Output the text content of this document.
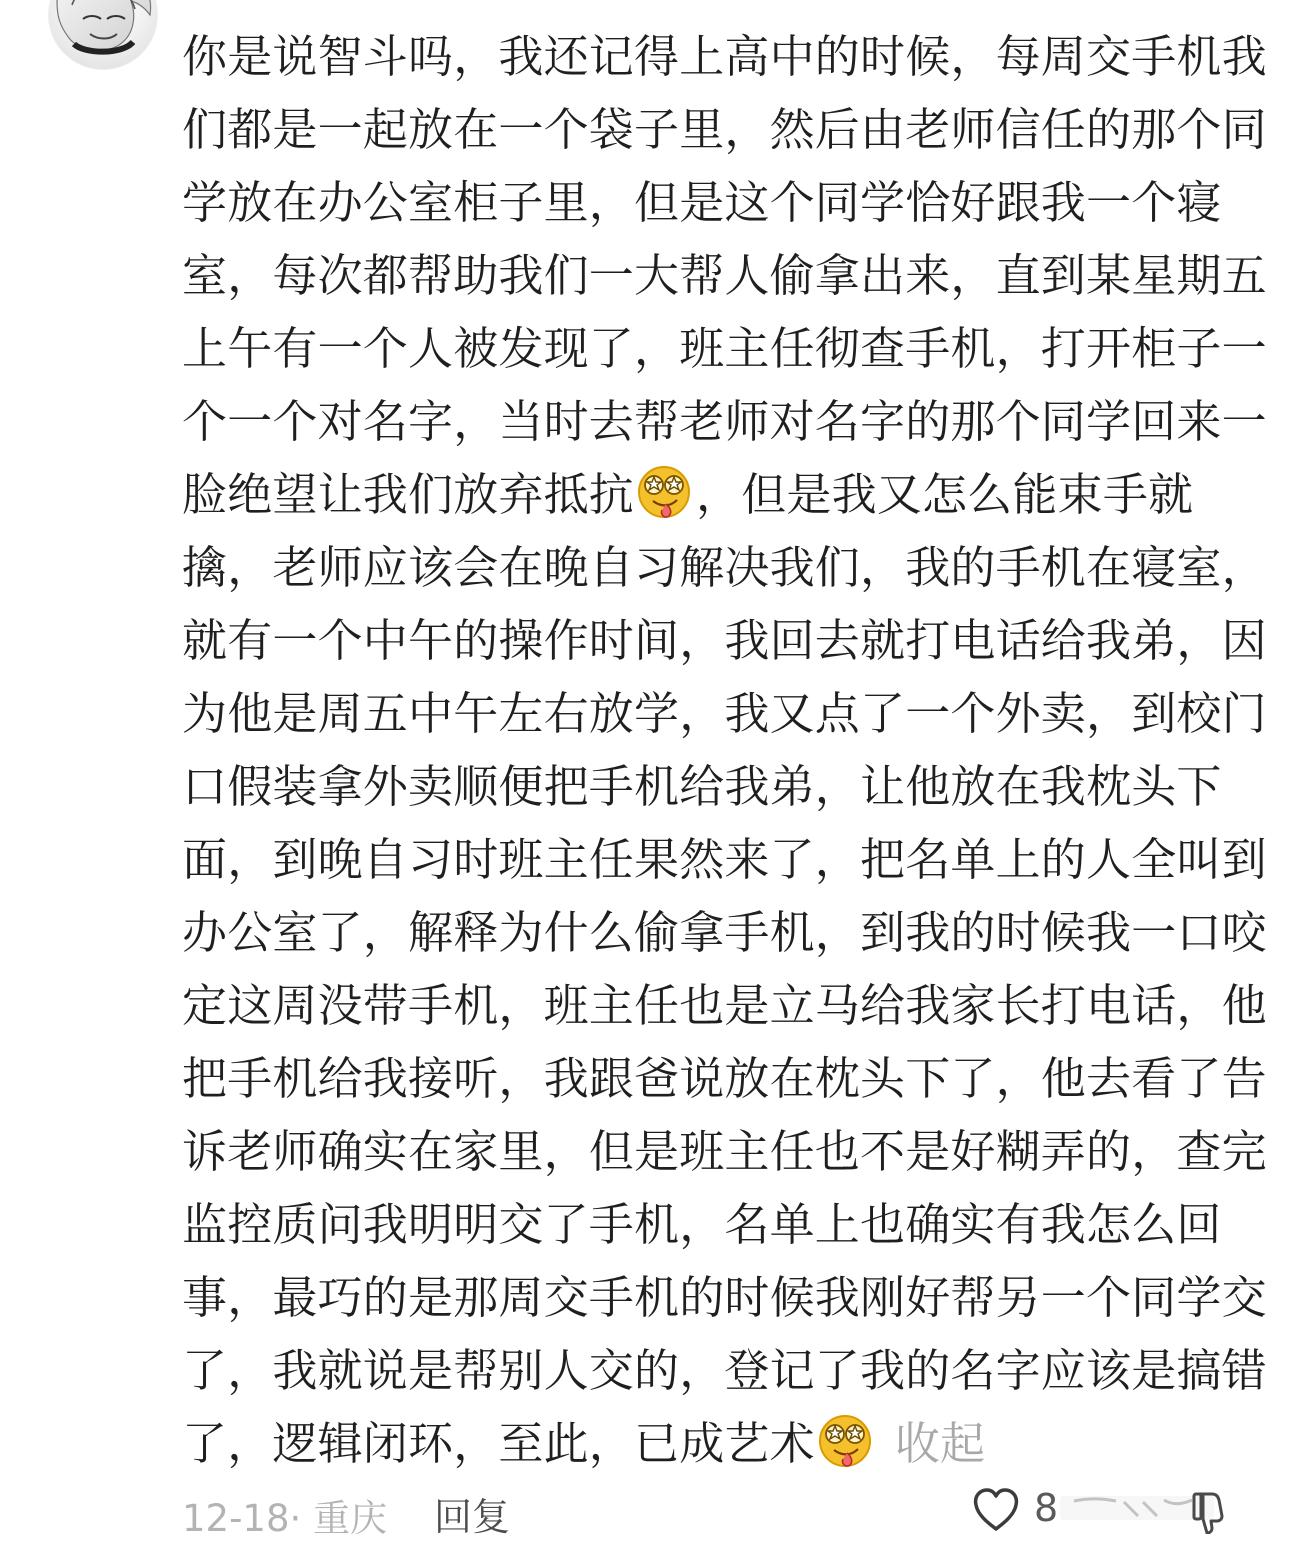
你是说智斗吗，我还记得上高中的时候，每周交手机我
们都是一起放在一个袋子里，然后由老师信任的那个同
学放在办公室柜子里，但是这个同学恰好跟我一个寝
室，每次都帮助我们一大帮人偷拿出来，直到某星期五
上午有一个人被发现了，班主任彻查手机，打开柜子一
个一个对名字，当时去帮老师对名字的那个同学回来一
脸绝望让我们放弃抵抗 ，但是我又怎么能束手就
擒，老师应该会在晚自习解决我们，我的手机在寝室，
就有一个中午的操作时间，我回去就打电话给我弟，因
为他是周五中午左右放学，我又点了一个外卖，到校门
口假装拿外卖顺便把手机给我弟，让他放在我枕头下
面，到晚自习时班主任果然来了，把名单上的人全叫到
办公室了，解释为什么偷拿手机，到我的时候我一口咬
定这周没带手机，班主任也是立马给我家长打电话，他
把手机给我接听，我跟爸说放在枕头下了，他去看了告
诉老师确实在家里，但是班主任也不是好糊弄的，查完
监控质问我明明交了手机，名单上也确实有我怎么回
事，最巧的是那周交手机的时候我刚好帮另一个同学交
了，我就说是帮别人交的，登记了我的名字应该是搞错
了，逻辑闭环，至此，已成艺术 收起
12-18· 重庆 回复	8
